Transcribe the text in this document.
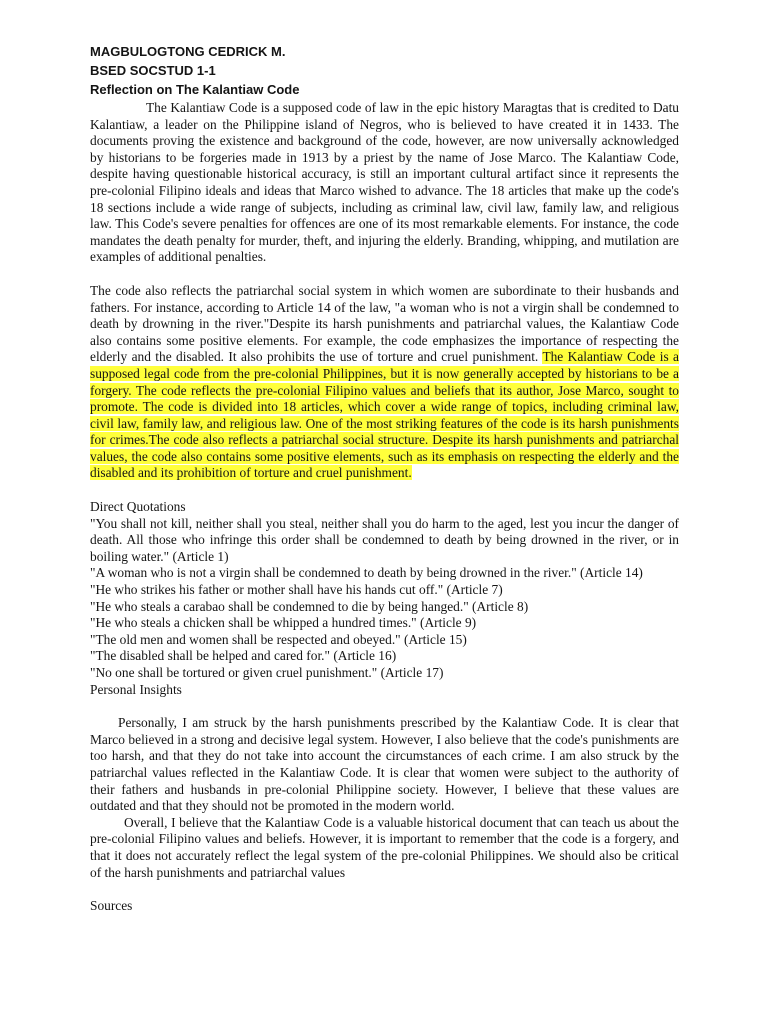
MAGBULOGTONG CEDRICK M.

BSED SOCSTUD 1-1

Reflection on The Kalantiaw Code

The Kalantiaw Code is a supposed code of law in the epic history Maragtas that is credited to Datu Kalantiaw, a leader on the Philippine island of Negros, who is believed to have created it in 1433. The documents proving the existence and background of the code, however, are now universally acknowledged by historians to be forgeries made in 1913 by a priest by the name of Jose Marco. The Kalantiaw Code, despite having questionable historical accuracy, is still an important cultural artifact since it represents the pre-colonial Filipino ideals and ideas that Marco wished to advance. The 18 articles that make up the code's 18 sections include a wide range of subjects, including as criminal law, civil law, family law, and religious law. This Code's severe penalties for offences are one of its most remarkable elements. For instance, the code mandates the death penalty for murder, theft, and injuring the elderly. Branding, whipping, and mutilation are examples of additional penalties.

The code also reflects the patriarchal social system in which women are subordinate to their husbands and fathers. For instance, according to Article 14 of the law, "a woman who is not a virgin shall be condemned to death by drowning in the river."Despite its harsh punishments and patriarchal values, the Kalantiaw Code also contains some positive elements. For example, the code emphasizes the importance of respecting the elderly and the disabled. It also prohibits the use of torture and cruel punishment. The Kalantiaw Code is a supposed legal code from the pre-colonial Philippines, but it is now generally accepted by historians to be a forgery. The code reflects the pre-colonial Filipino values and beliefs that its author, Jose Marco, sought to promote. The code is divided into 18 articles, which cover a wide range of topics, including criminal law, civil law, family law, and religious law. One of the most striking features of the code is its harsh punishments for crimes.The code also reflects a patriarchal social structure. Despite its harsh punishments and patriarchal values, the code also contains some positive elements, such as its emphasis on respecting the elderly and the disabled and its prohibition of torture and cruel punishment.

Direct Quotations

"You shall not kill, neither shall you steal, neither shall you do harm to the aged, lest you incur the danger of death. All those who infringe this order shall be condemned to death by being drowned in the river, or in boiling water." (Article 1)

"A woman who is not a virgin shall be condemned to death by being drowned in the river." (Article 14)

"He who strikes his father or mother shall have his hands cut off." (Article 7)

"He who steals a carabao shall be condemned to die by being hanged." (Article 8)

"He who steals a chicken shall be whipped a hundred times." (Article 9)

"The old men and women shall be respected and obeyed." (Article 15)

"The disabled shall be helped and cared for." (Article 16)

"No one shall be tortured or given cruel punishment." (Article 17)

Personal Insights

Personally, I am struck by the harsh punishments prescribed by the Kalantiaw Code. It is clear that Marco believed in a strong and decisive legal system. However, I also believe that the code's punishments are too harsh, and that they do not take into account the circumstances of each crime. I am also struck by the patriarchal values reflected in the Kalantiaw Code. It is clear that women were subject to the authority of their fathers and husbands in pre-colonial Philippine society. However, I believe that these values are outdated and that they should not be promoted in the modern world.

Overall, I believe that the Kalantiaw Code is a valuable historical document that can teach us about the pre-colonial Filipino values and beliefs. However, it is important to remember that the code is a forgery, and that it does not accurately reflect the legal system of the pre-colonial Philippines. We should also be critical of the harsh punishments and patriarchal values

Sources
